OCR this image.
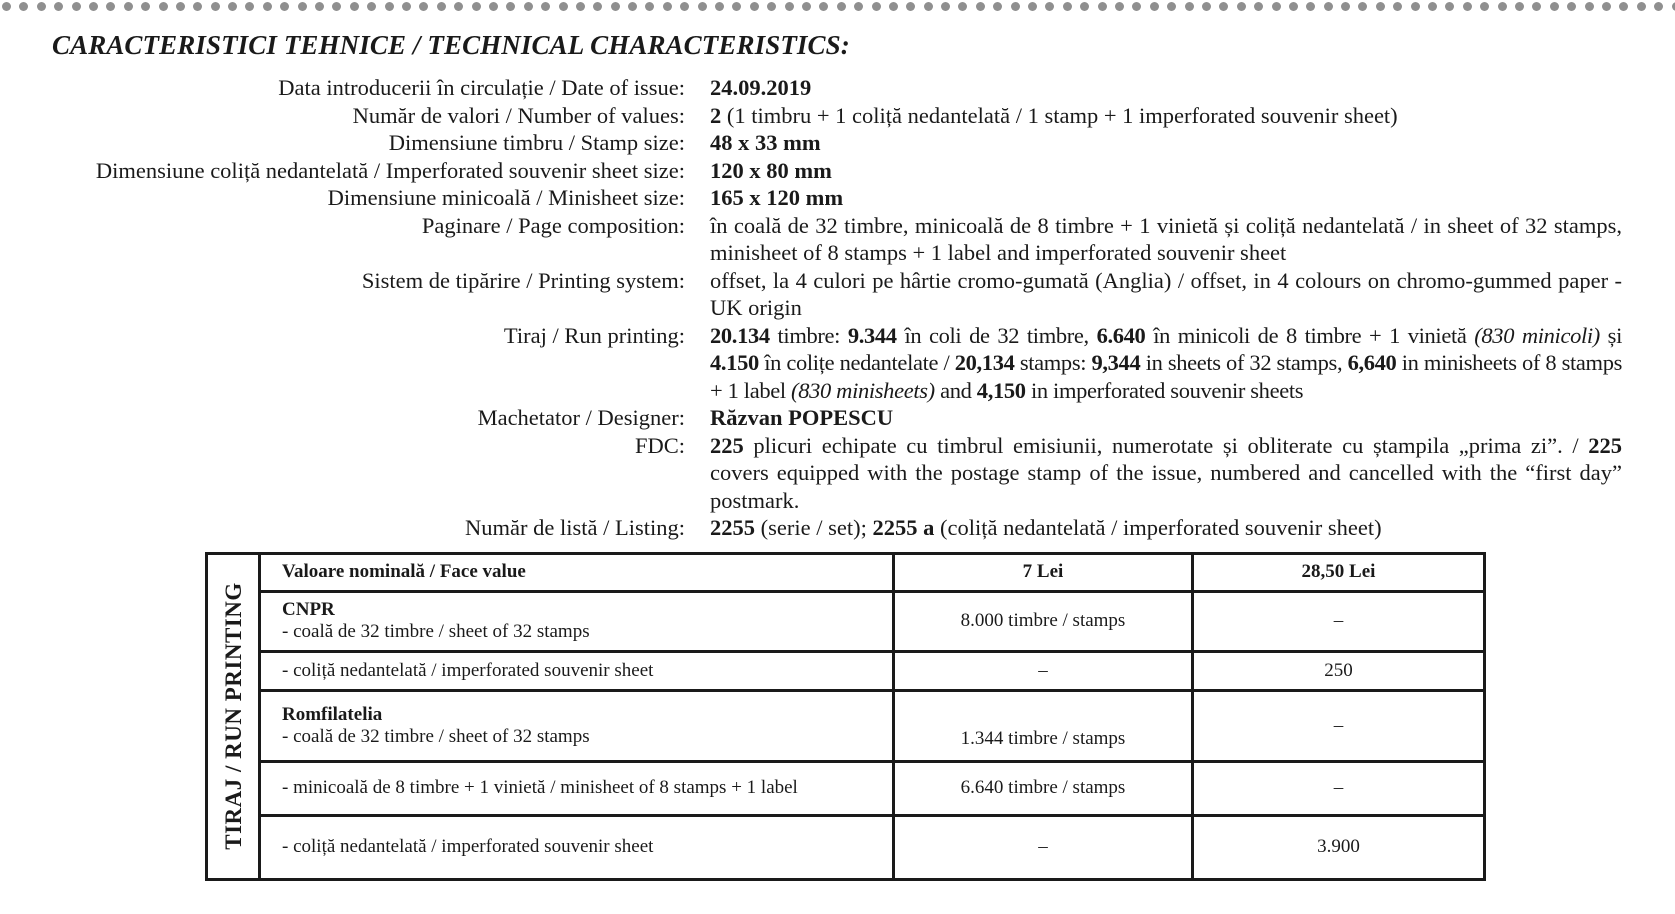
CARACTERISTICI TEHNICE / TECHNICAL CHARACTERISTICS:
Data introducerii în circulație / Date of issue:	24.09.2019
Număr de valori / Number of values:	2 (1 timbru + 1 coliță nedantelată / 1 stamp + 1 imperforated souvenir sheet)
Dimensiune timbru / Stamp size:	48 x 33 mm
Dimensiune coliță nedantelată / Imperforated souvenir sheet size:	120 x 80 mm
Dimensiune minicoală / Minisheet size:	165 x 120 mm
Paginare / Page composition:	în coală de 32 timbre, minicoală de 8 timbre + 1 vinietă și coliță nedantelată / in sheet of 32 stamps, minisheet of 8 stamps + 1 label and imperforated souvenir sheet
Sistem de tipărire / Printing system:	offset, la 4 culori pe hârtie cromo-gumată (Anglia) / offset, in 4 colours on chromo-gummed paper - UK origin
Tiraj / Run printing:	20.134 timbre: 9.344 în coli de 32 timbre, 6.640 în minicoli de 8 timbre + 1 vinietă (830 minicoli) și 4.150 în colițe nedantelate / 20,134 stamps: 9,344 in sheets of 32 stamps, 6,640 in minisheets of 8 stamps + 1 label (830 minisheets) and 4,150 in imperforated souvenir sheets
Machetator / Designer:	Răzvan POPESCU
FDC:	225 plicuri echipate cu timbrul emisiunii, numerotate și obliterate cu ștampila „prima zi”. / 225 covers equipped with the postage stamp of the issue, numbered and cancelled with the “first day” postmark.
Număr de listă / Listing:	2255 (serie / set); 2255 a (coliță nedantelată / imperforated souvenir sheet)
TIRAJ / RUN PRINTING
Valoare nominală / Face value	7 Lei	28,50 Lei

CNPR
- coală de 32 timbre / sheet of 32 stamps	8.000 timbre / stamps	–
- coliță nedantelată / imperforated souvenir sheet	–	250

Romfilatelia
- coală de 32 timbre / sheet of 32 stamps	1.344 timbre / stamps	–
- minicoală de 8 timbre + 1 vinietă / minisheet of 8 stamps + 1 label	6.640 timbre / stamps	–
- coliță nedantelată / imperforated souvenir sheet	–	3.900
